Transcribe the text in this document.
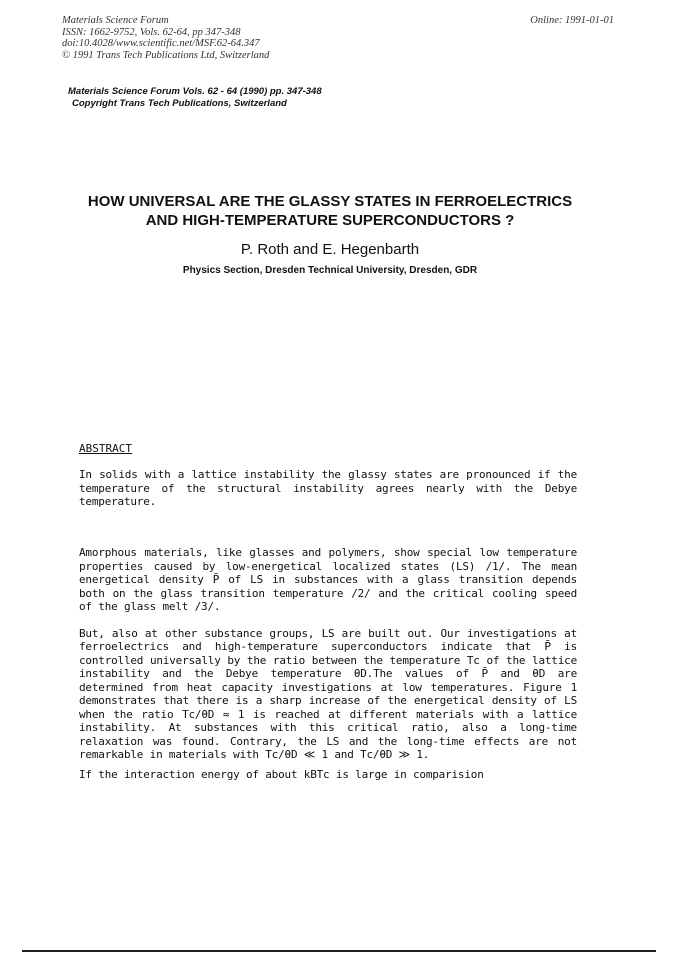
Materials Science Forum
ISSN: 1662-9752, Vols. 62-64, pp 347-348
doi:10.4028/www.scientific.net/MSF.62-64.347
© 1991 Trans Tech Publications Ltd, Switzerland
Online: 1991-01-01
Materials Science Forum Vols. 62 - 64 (1990) pp. 347-348
Copyright Trans Tech Publications, Switzerland
HOW UNIVERSAL ARE THE GLASSY STATES IN FERROELECTRICS
AND HIGH-TEMPERATURE SUPERCONDUCTORS ?
P. Roth and E. Hegenbarth
Physics Section, Dresden Technical University, Dresden, GDR
ABSTRACT

In solids with a lattice instability the glassy states are pronounced if the temperature of the structural instability agrees nearly with the Debye temperature.

Amorphous materials, like glasses and polymers, show special low temperature properties caused by low-energetical localized states (LS) /1/. The mean energetical density P̄ of LS in substances with a glass transition depends both on the glass transition temperature /2/ and the critical cooling speed of the glass melt /3/.

But, also at other substance groups, LS are built out. Our investigations at ferroelectrics and high-temperature superconductors indicate that P̄ is controlled universally by the ratio between the temperature Tc of the lattice instability and the Debye temperature θD.The values of P̄ and θD are determined from heat capacity investigations at low temperatures. Figure 1 demonstrates that there is a sharp increase of the energetical density of LS when the ratio Tc/θD ≈ 1 is reached at different materials with a lattice instability. At substances with this critical ratio, also a long-time relaxation was found. Contrary, the LS and the long-time effects are not remarkable in materials with Tc/θD ≪ 1 and Tc/θD ≫ 1.

If the interaction energy of about kBTc is large in comparision
